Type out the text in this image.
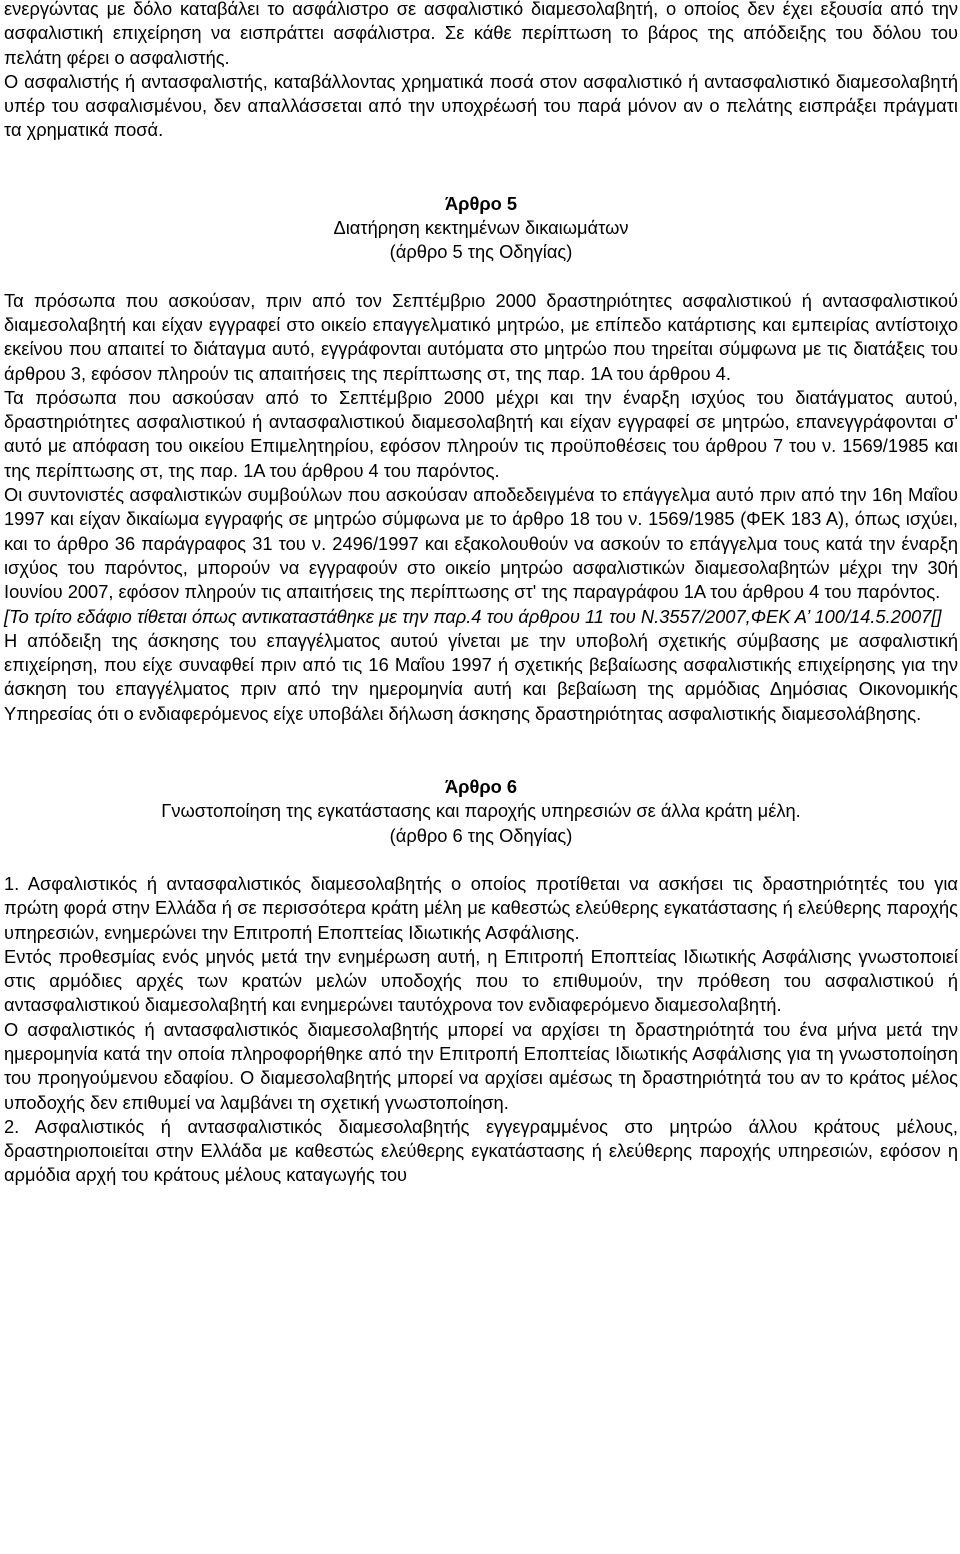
ενεργώντας με δόλο καταβάλει το ασφάλιστρο σε ασφαλιστικό διαμεσολαβητή, ο οποίος δεν έχει εξουσία από την ασφαλιστική επιχείρηση να εισπράττει ασφάλιστρα. Σε κάθε περίπτωση το βάρος της απόδειξης του δόλου του πελάτη φέρει ο ασφαλιστής.

Ο ασφαλιστής ή αντασφαλιστής, καταβάλλοντας χρηματικά ποσά στον ασφαλιστικό ή αντασφαλιστικό διαμεσολαβητή υπέρ του ασφαλισμένου, δεν απαλλάσσεται από την υποχρέωσή του παρά μόνον αν ο πελάτης εισπράξει πράγματι τα χρηματικά ποσά.

Άρθρο 5

Διατήρηση κεκτημένων δικαιωμάτων

(άρθρο 5 της Οδηγίας)

Τα πρόσωπα που ασκούσαν, πριν από τον Σεπτέμβριο 2000 δραστηριότητες ασφαλιστικού ή αντασφαλιστικού διαμεσολαβητή και είχαν εγγραφεί στο οικείο επαγγελματικό μητρώο, με επίπεδο κατάρτισης και εμπειρίας αντίστοιχο εκείνου που απαιτεί το διάταγμα αυτό, εγγράφονται αυτόματα στο μητρώο που τηρείται σύμφωνα με τις διατάξεις του άρθρου 3, εφόσον πληρούν τις απαιτήσεις της περίπτωσης στ, της παρ. 1Α του άρθρου 4.

Τα πρόσωπα που ασκούσαν από το Σεπτέμβριο 2000 μέχρι και την έναρξη ισχύος του διατάγματος αυτού, δραστηριότητες ασφαλιστικού ή αντασφαλιστικού διαμεσολαβητή και είχαν εγγραφεί σε μητρώο, επανεγγράφονται σ' αυτό με απόφαση του οικείου Επιμελητηρίου, εφόσον πληρούν τις προϋποθέσεις του άρθρου 7 του ν. 1569/1985 και της περίπτωσης στ, της παρ. 1Α του άρθρου 4 του παρόντος.

Οι συντονιστές ασφαλιστικών συμβούλων που ασκούσαν αποδεδειγμένα το επάγγελμα αυτό πριν από την 16η Μαΐου 1997 και είχαν δικαίωμα εγγραφής σε μητρώο σύμφωνα με το άρθρο 18 του ν. 1569/1985 (ΦΕΚ 183 Α), όπως ισχύει, και το άρθρο 36 παράγραφος 31 του ν. 2496/1997 και εξακολουθούν να ασκούν το επάγγελμα τους κατά την έναρξη ισχύος του παρόντος, μπορούν να εγγραφούν στο οικείο μητρώο ασφαλιστικών διαμεσολαβητών μέχρι την 30ή Ιουνίου 2007, εφόσον πληρούν τις απαιτήσεις της περίπτωσης στ' της παραγράφου 1Α του άρθρου 4 του παρόντος.

[Το τρίτο εδάφιο τίθεται όπως αντικαταστάθηκε με την παρ.4 του άρθρου 11 του Ν.3557/2007,ΦΕΚ Α’ 100/14.5.2007[]

Η απόδειξη της άσκησης του επαγγέλματος αυτού γίνεται με την υποβολή σχετικής σύμβασης με ασφαλιστική επιχείρηση, που είχε συναφθεί πριν από τις 16 Μαΐου 1997 ή σχετικής βεβαίωσης ασφαλιστικής επιχείρησης για την άσκηση του επαγγέλματος πριν από την ημερομηνία αυτή και βεβαίωση της αρμόδιας Δημόσιας Οικονομικής Υπηρεσίας ότι ο ενδιαφερόμενος είχε υποβάλει δήλωση άσκησης δραστηριότητας ασφαλιστικής διαμεσολάβησης.

Άρθρο 6

Γνωστοποίηση της εγκατάστασης και παροχής υπηρεσιών σε άλλα κράτη μέλη.

(άρθρο 6 της Οδηγίας)

1. Ασφαλιστικός ή αντασφαλιστικός διαμεσολαβητής ο οποίος προτίθεται να ασκήσει τις δραστηριότητές του για πρώτη φορά στην Ελλάδα ή σε περισσότερα κράτη μέλη με καθεστώς ελεύθερης εγκατάστασης ή ελεύθερης παροχής υπηρεσιών, ενημερώνει την Επιτροπή Εποπτείας Ιδιωτικής Ασφάλισης.

Εντός προθεσμίας ενός μηνός μετά την ενημέρωση αυτή, η Επιτροπή Εποπτείας Ιδιωτικής Ασφάλισης γνωστοποιεί στις αρμόδιες αρχές των κρατών μελών υποδοχής που το επιθυμούν, την πρόθεση του ασφαλιστικού ή αντασφαλιστικού διαμεσολαβητή και ενημερώνει ταυτόχρονα τον ενδιαφερόμενο διαμεσολαβητή.

Ο ασφαλιστικός ή αντασφαλιστικός διαμεσολαβητής μπορεί να αρχίσει τη δραστηριότητά του ένα μήνα μετά την ημερομηνία κατά την οποία πληροφορήθηκε από την Επιτροπή Εποπτείας Ιδιωτικής Ασφάλισης για τη γνωστοποίηση του προηγούμενου εδαφίου. Ο διαμεσολαβητής μπορεί να αρχίσει αμέσως τη δραστηριότητά του αν το κράτος μέλος υποδοχής δεν επιθυμεί να λαμβάνει τη σχετική γνωστοποίηση.

2. Ασφαλιστικός ή αντασφαλιστικός διαμεσολαβητής εγγεγραμμένος στο μητρώο άλλου κράτους μέλους, δραστηριοποιείται στην Ελλάδα με καθεστώς ελεύθερης εγκατάστασης ή ελεύθερης παροχής υπηρεσιών, εφόσον η αρμόδια αρχή του κράτους μέλους καταγωγής του
